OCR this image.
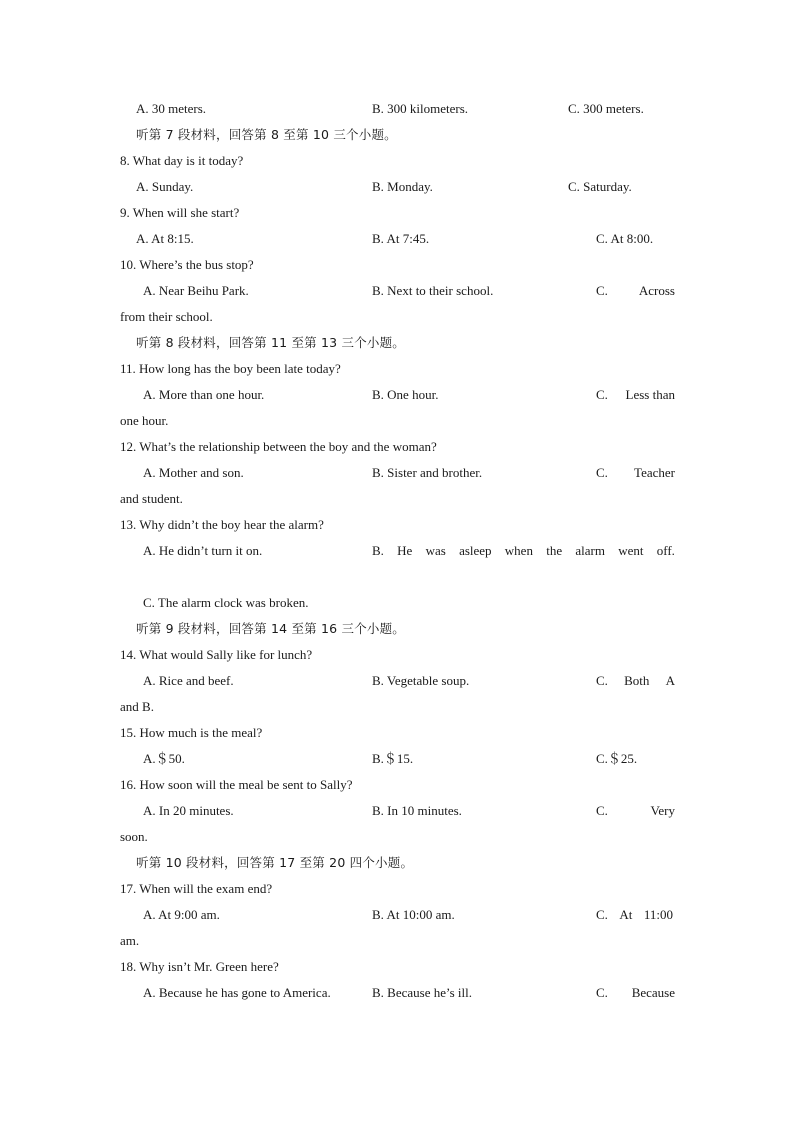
A. 30 meters.	B. 300 kilometers.	C. 300 meters.
听第 7 段材料，回答第 8 至第 10 三个小题。
8. What day is it today?
A. Sunday.	B. Monday.	C. Saturday.
9. When will she start?
A. At 8:15.	B. At 7:45.	C. At 8:00.
10. Where’s the bus stop?
A. Near Beihu Park.	B. Next to their school.	C. Across
from their school.
听第 8 段材料，回答第 11 至第 13 三个小题。
11. How long has the boy been late today?
A. More than one hour.	B. One hour.	C. Less than
one hour.
12. What’s the relationship between the boy and the woman?
A. Mother and son.	B. Sister and brother.	C. Teacher
and student.
13. Why didn’t the boy hear the alarm?
A. He didn’t turn it on.	B. He was asleep when the alarm went off.
C. The alarm clock was broken.
听第 9 段材料，回答第 14 至第 16 三个小题。
14. What would Sally like for lunch?
A. Rice and beef.	B. Vegetable soup.	C. Both A
and B.
15. How much is the meal?
A.＄50.	B.＄15.	C.＄25.
16. How soon will the meal be sent to Sally?
A. In 20 minutes.	B. In 10 minutes.	C.	Very
soon.
听第 10 段材料，回答第 17 至第 20 四个小题。
17. When will the exam end?
A. At 9:00 am.	B. At 10:00 am.	C. At 11:00
am.
18. Why isn’t Mr. Green here?
A. Because he has gone to America.	B. Because he’s ill.	C. Because
